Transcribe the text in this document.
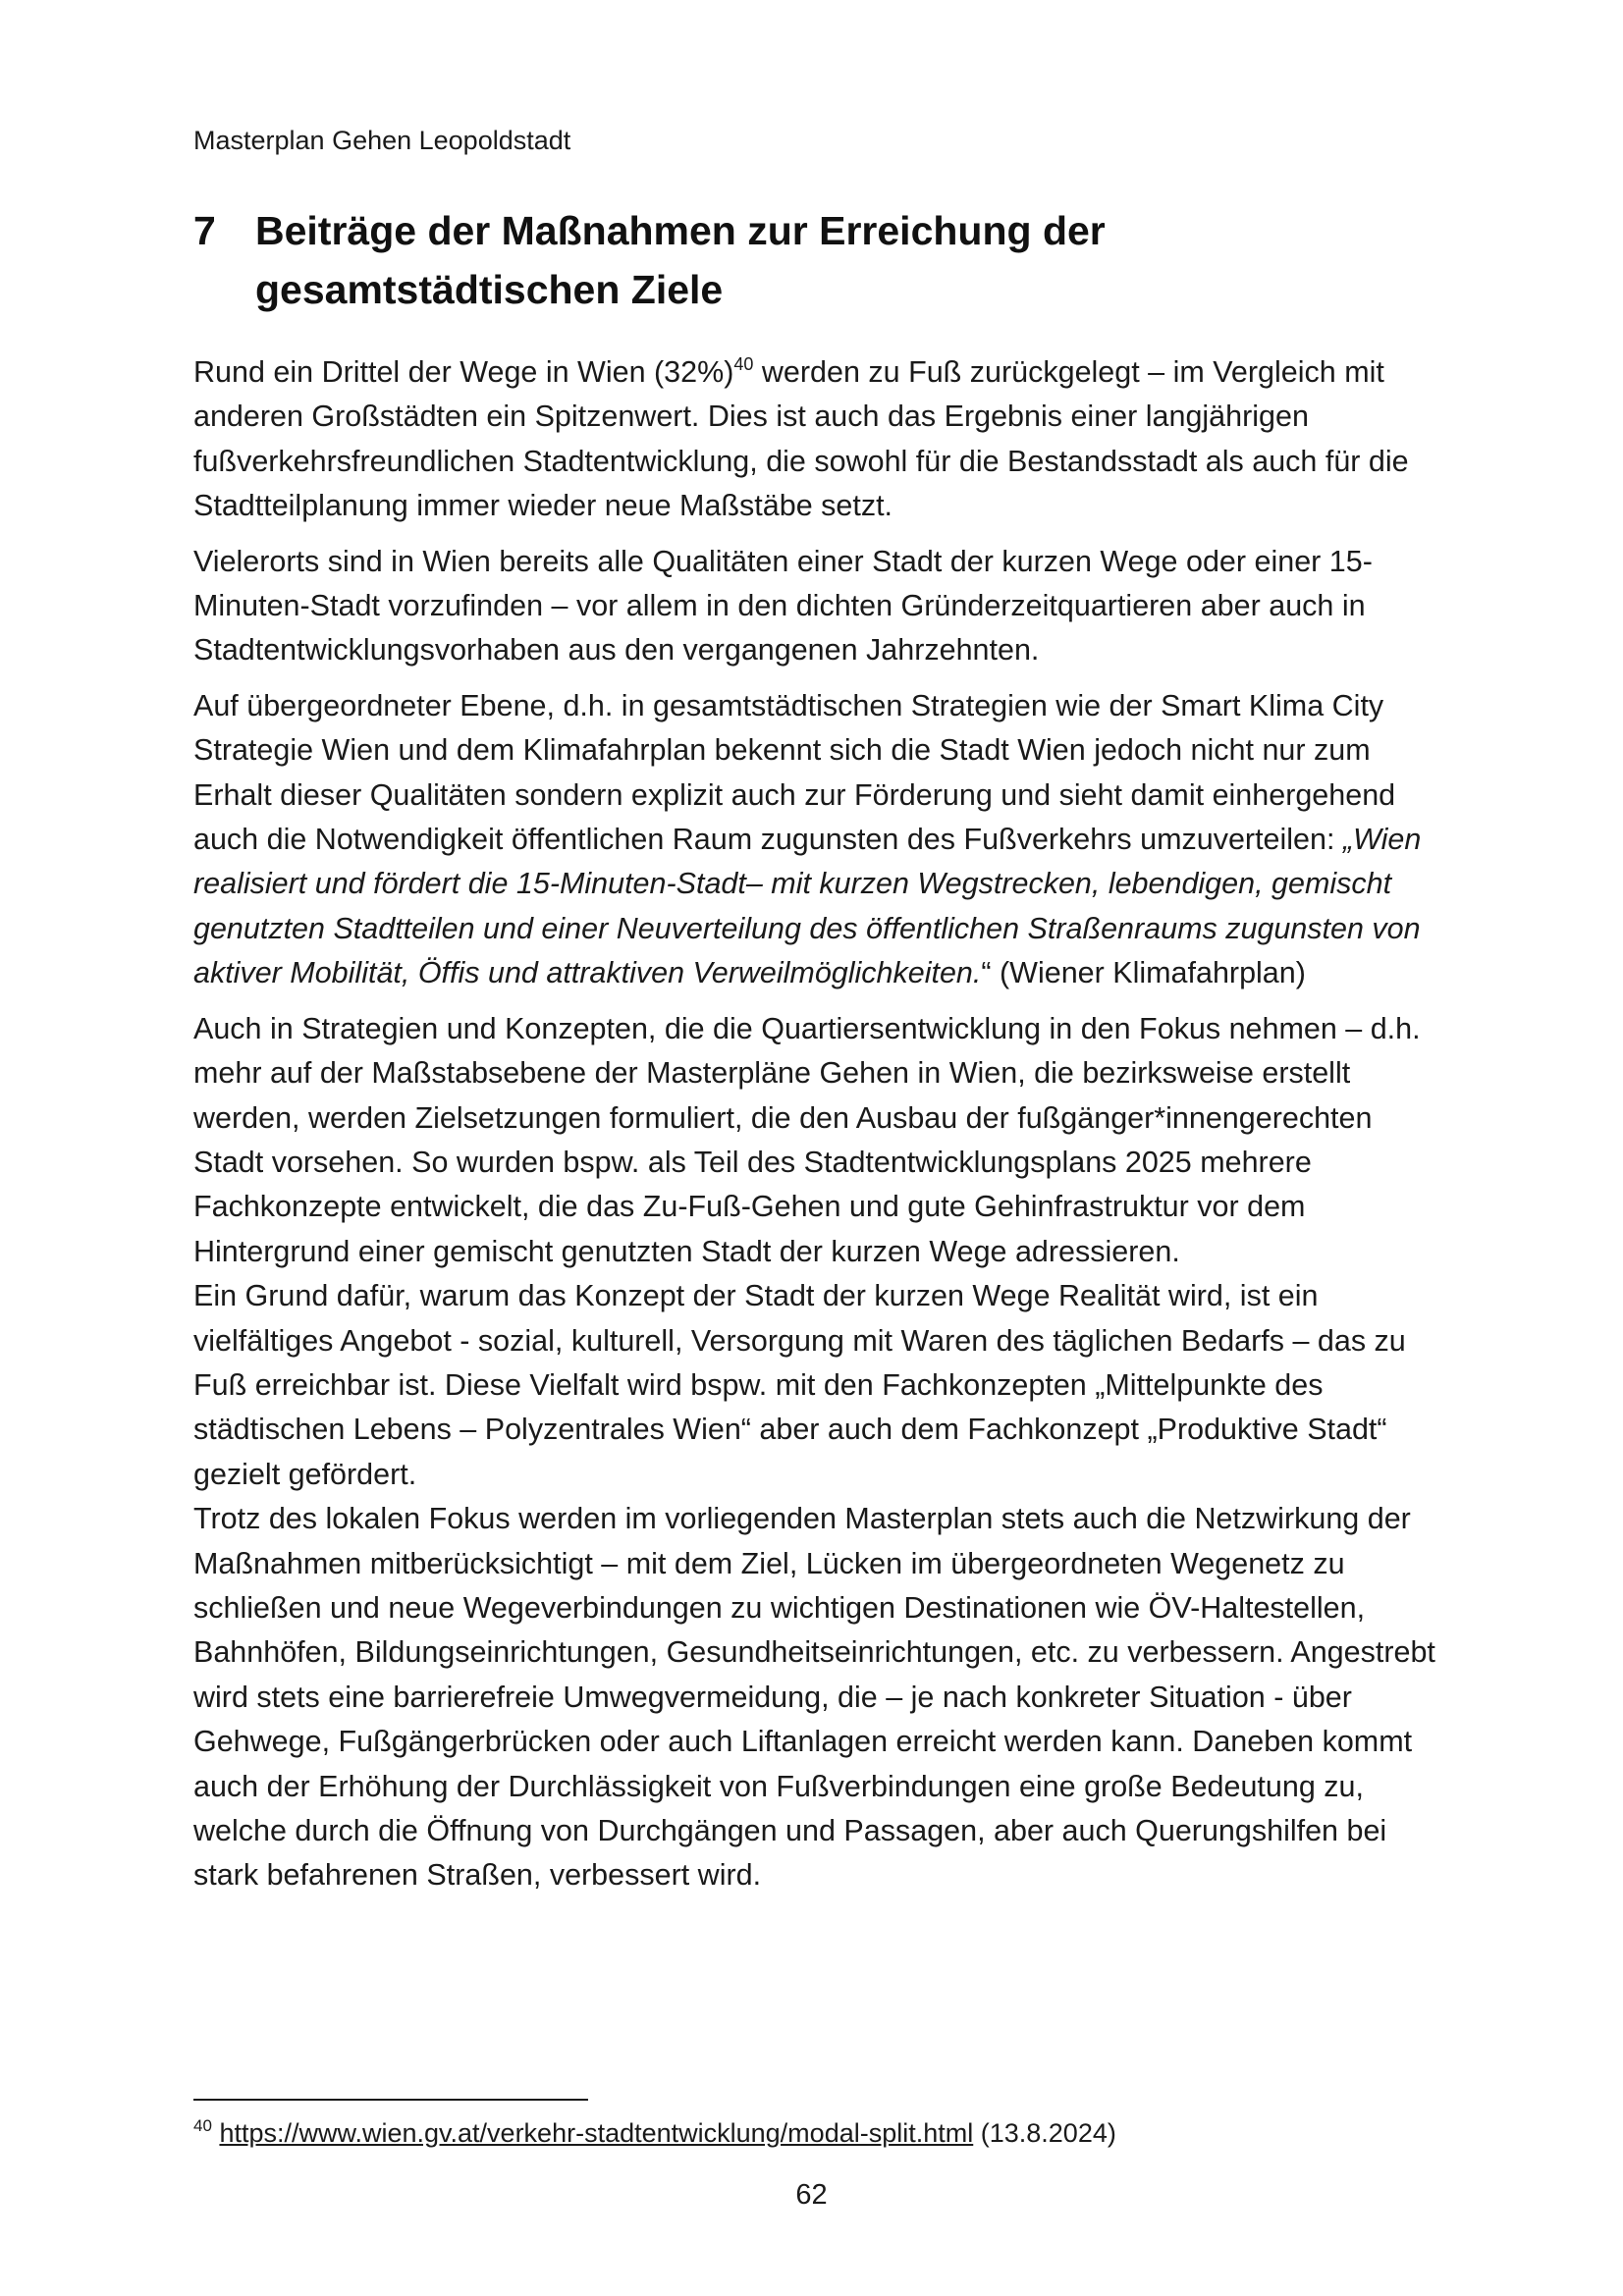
Masterplan Gehen Leopoldstadt
7 Beiträge der Maßnahmen zur Erreichung der gesamtstädtischen Ziele

Rund ein Drittel der Wege in Wien $(32\%)^{40}$ werden zu Fuß zurückgelegt – im Vergleich mit anderen Großstädten ein Spitzenwert. Dies ist auch das Ergebnis einer langjährigen fußverkehrsfreundlichen Stadtentwicklung, die sowohl für die Bestandsstadt als auch für die Stadtteilplanung immer wieder neue Maßstäbe setzt.

Vielerorts sind in Wien bereits alle Qualitäten einer Stadt der kurzen Wege oder einer 15-Minuten-Stadt vorzufinden – vor allem in den dichten Gründerzeitquartieren aber auch in Stadtentwicklungsvorhaben aus den vergangenen Jahrzehnten.

Auf übergeordneter Ebene, d.h. in gesamtstädtischen Strategien wie der Smart Klima City Strategie Wien und dem Klimafahrplan bekennt sich die Stadt Wien jedoch nicht nur zum Erhalt dieser Qualitäten sondern explizit auch zur Förderung und sieht damit einhergehend auch die Notwendigkeit öffentlichen Raum zugunsten des Fußverkehrs umzuverteilen: „Wien realisiert und fördert die 15-Minuten-Stadt– mit kurzen Wegstrecken, lebendigen, gemischt genutzten Stadtteilen und einer Neuverteilung des öffentlichen Straßenraums zugunsten von aktiver Mobilität, Öffis und attraktiven Verweilmöglichkeiten.“ (Wiener Klimafahrplan)

Auch in Strategien und Konzepten, die die Quartiersentwicklung in den Fokus nehmen – d.h. mehr auf der Maßstabsebene der Masterpläne Gehen in Wien, die bezirksweise erstellt werden, werden Zielsetzungen formuliert, die den Ausbau der fußgänger*innengerechten Stadt vorsehen. So wurden bspw. als Teil des Stadtentwicklungsplans 2025 mehrere Fachkonzepte entwickelt, die das Zu-Fuß-Gehen und gute Gehinfrastruktur vor dem Hintergrund einer gemischt genutzten Stadt der kurzen Wege adressieren.

Ein Grund dafür, warum das Konzept der Stadt der kurzen Wege Realität wird, ist ein vielfältiges Angebot - sozial, kulturell, Versorgung mit Waren des täglichen Bedarfs – das zu Fuß erreichbar ist. Diese Vielfalt wird bspw. mit den Fachkonzepten „Mittelpunkte des städtischen Lebens – Polyzentrales Wien“ aber auch dem Fachkonzept „Produktive Stadt“ gezielt gefördert.

Trotz des lokalen Fokus werden im vorliegenden Masterplan stets auch die Netzwirkung der Maßnahmen mitberücksichtigt – mit dem Ziel, Lücken im übergeordneten Wegenetz zu schließen und neue Wegeverbindungen zu wichtigen Destinationen wie ÖV-Haltestellen, Bahnhöfen, Bildungseinrichtungen, Gesundheitseinrichtungen, etc. zu verbessern. Angestrebt wird stets eine barrierefreie Umwegvermeidung, die – je nach konkreter Situation - über Gehwege, Fußgängerbrücken oder auch Liftanlagen erreicht werden kann. Daneben kommt auch der Erhöhung der Durchlässigkeit von Fußverbindungen eine große Bedeutung zu, welche durch die Öffnung von Durchgängen und Passagen, aber auch Querungshilfen bei stark befahrenen Straßen, verbessert wird.

$^{40}$ https://www.wien.gv.at/verkehr-stadtentwicklung/modal-split.html (13.8.2024)
62
